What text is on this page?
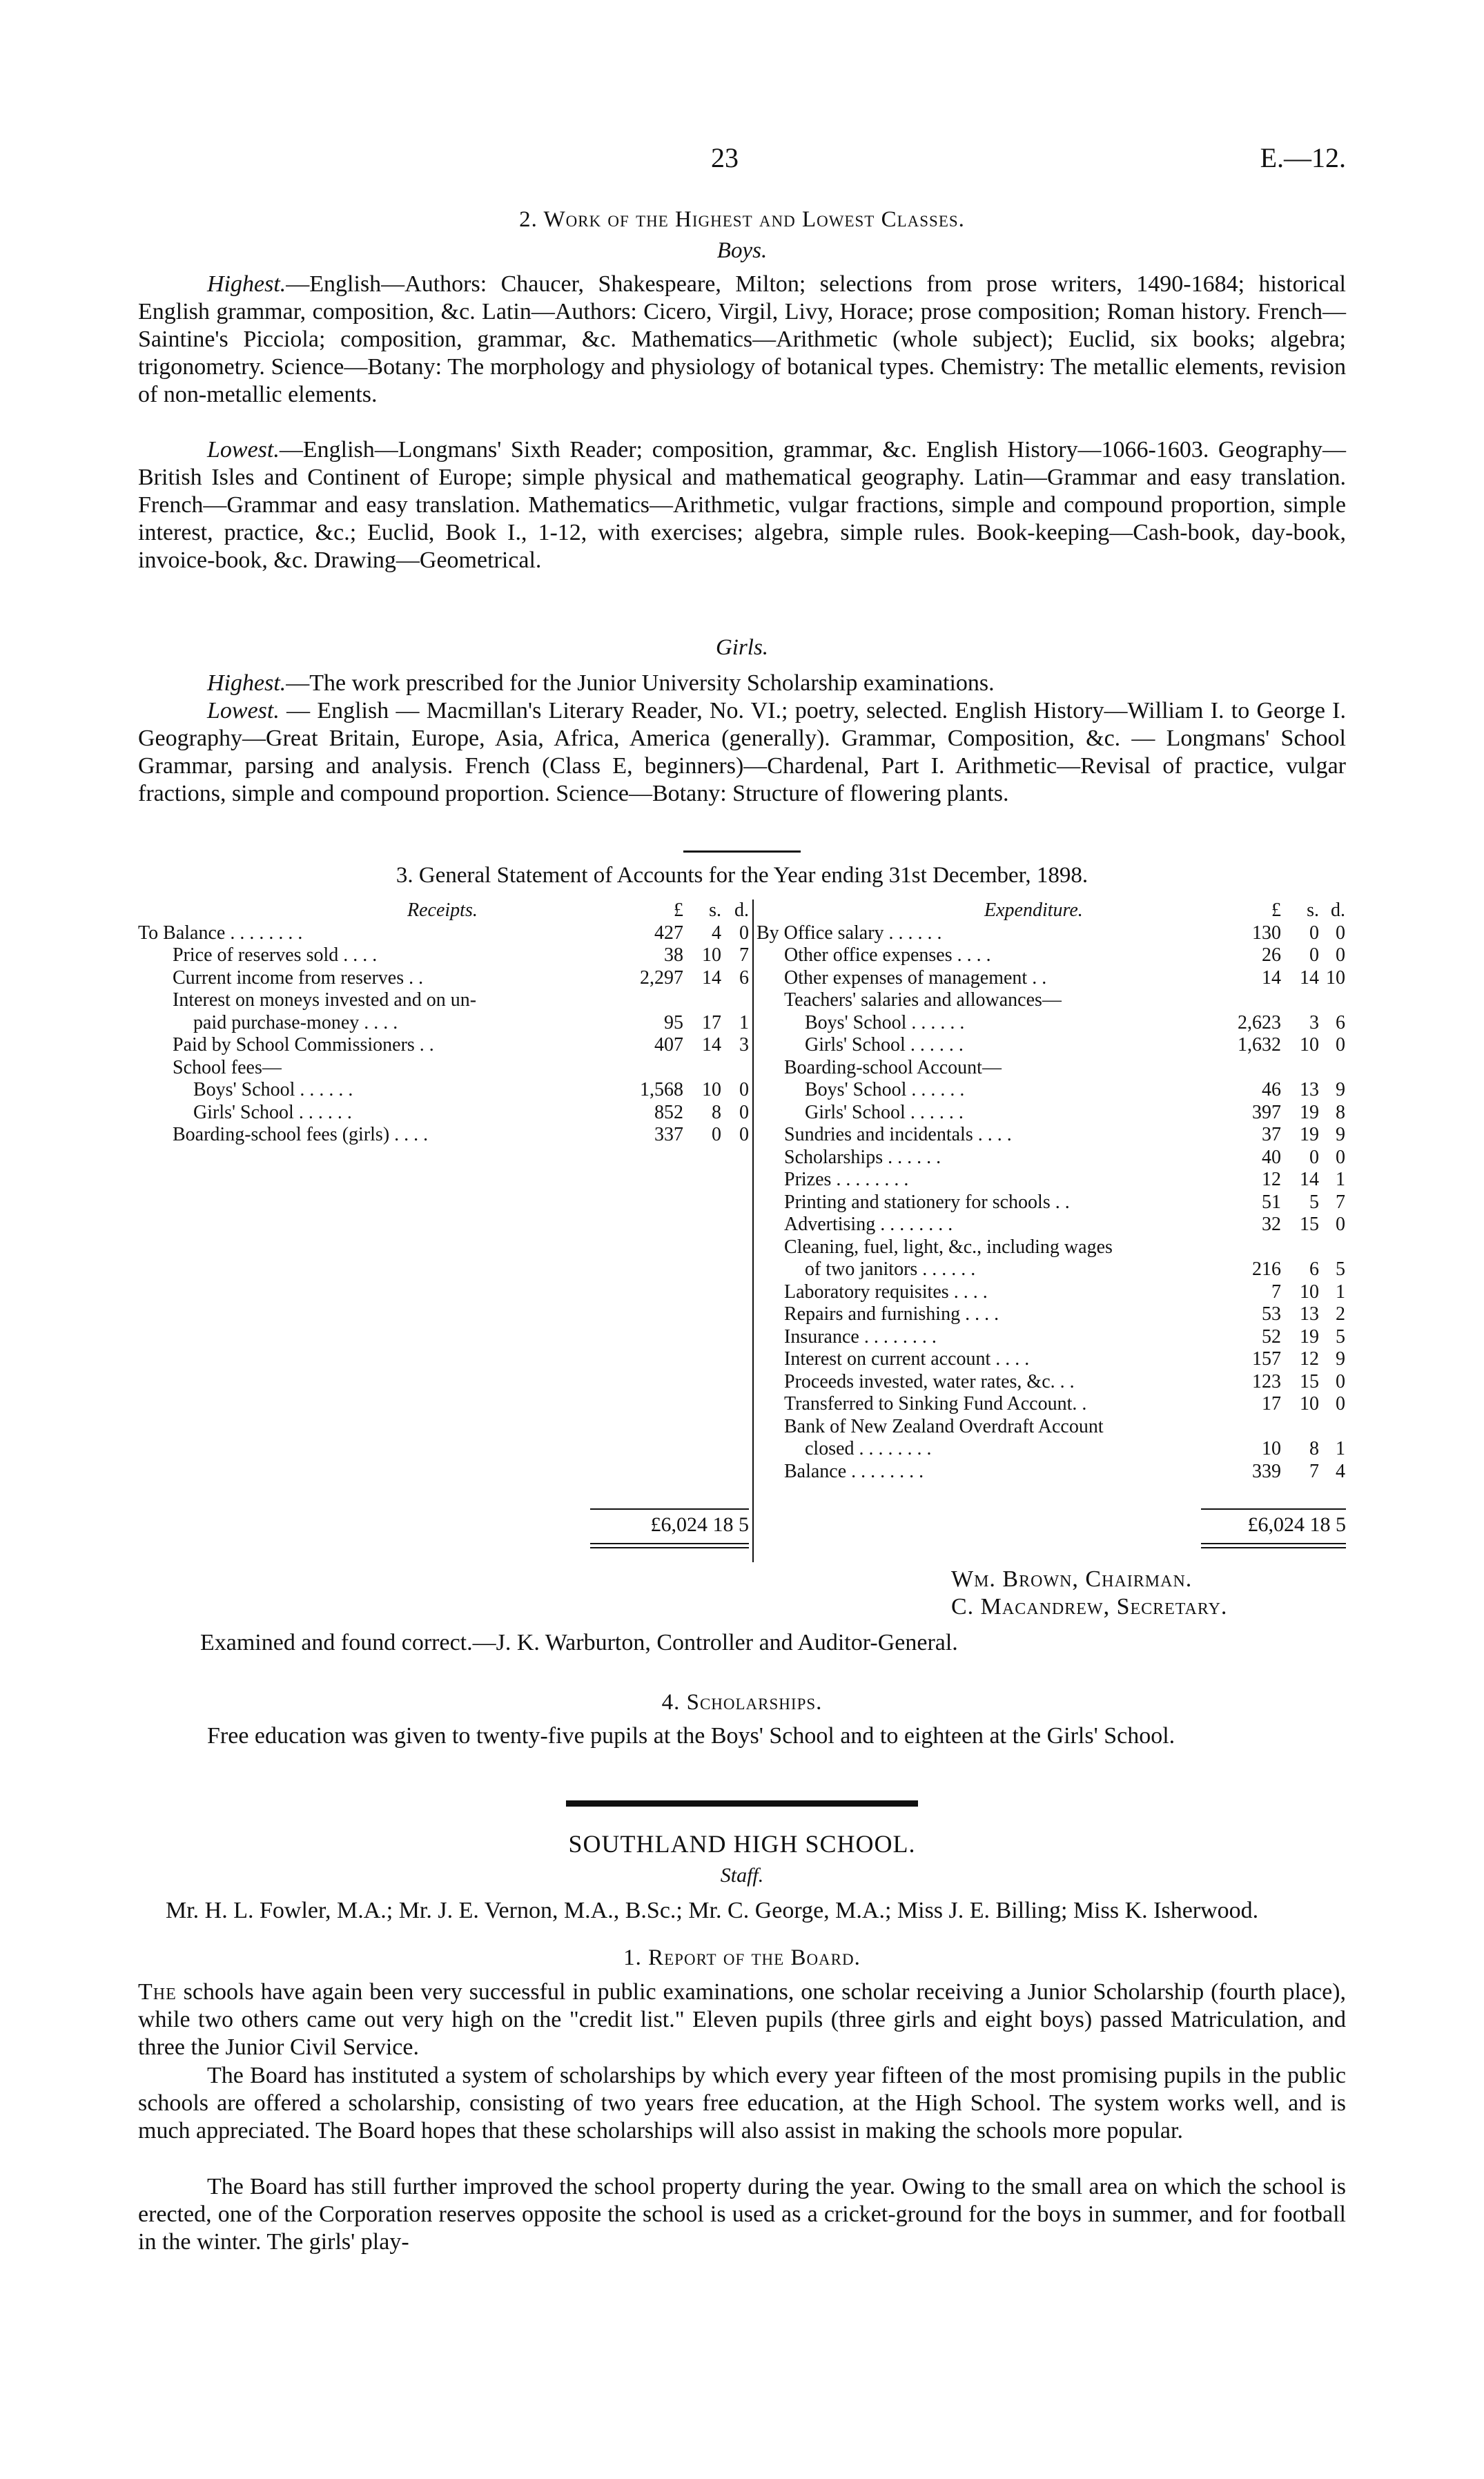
23	E.—12.
2. Work of the Highest and Lowest Classes.
Boys.

Highest.—English—Authors: Chaucer, Shakespeare, Milton; selections from prose writers, 1490-1684; historical English grammar, composition, &c. Latin—Authors: Cicero, Virgil, Livy, Horace; prose composition; Roman history. French—Saintine's Picciola; composition, grammar, &c. Mathematics—Arithmetic (whole subject); Euclid, six books; algebra; trigonometry. Science—Botany: The morphology and physiology of botanical types. Chemistry: The metallic elements, revision of non-metallic elements.

Lowest.—English—Longmans' Sixth Reader; composition, grammar, &c. English History—1066-1603. Geography—British Isles and Continent of Europe; simple physical and mathematical geography. Latin—Grammar and easy translation. French—Grammar and easy translation. Mathematics—Arithmetic, vulgar fractions, simple and compound proportion, simple interest, practice, &c.; Euclid, Book I., 1-12, with exercises; algebra, simple rules. Book-keeping—Cash-book, day-book, invoice-book, &c. Drawing—Geometrical.

Girls.

Highest.—The work prescribed for the Junior University Scholarship examinations.

Lowest. — English — Macmillan's Literary Reader, No. VI.; poetry, selected. English History—William I. to George I. Geography—Great Britain, Europe, Asia, Africa, America (generally). Grammar, Composition, &c. — Longmans' School Grammar, parsing and analysis. French (Class E, beginners)—Chardenal, Part I. Arithmetic—Revisal of practice, vulgar fractions, simple and compound proportion. Science—Botany: Structure of flowering plants.

3. General Statement of Accounts for the Year ending 31st December, 1898.
Receipts.	£	s. d.
To Balance . . . . . . . .	427	4 0
Price of reserves sold . . . .	38 10 7
Current income from reserves . .	2,297 14 6
Interest on moneys invested and on un-
paid purchase-money . . . .	95 17 1
Paid by School Commissioners . .	407 14 3
School fees—
Boys' School . . . . . .	1,568 10 0
Girls' School . . . . . .	852	8 0
Boarding-school fees (girls) . . . .	337	0 0
Expenditure.	£	s. d.
By Office salary . . . . . .	130	0 0
Other office expenses . . . .	26	0 0
Other expenses of management . .	14 14 10
Teachers' salaries and allowances—
Boys' School . . . . . .	2,623	3 6
Girls' School . . . . . .	1,632 10 0
Boarding-school Account—
Boys' School . . . . . .	46 13 9
Girls' School . . . . . .	397 19 8
Sundries and incidentals . . . .	37 19 9
Scholarships . . . . . .	40	0 0
Prizes . . . . . . . .	12 14 1
Printing and stationery for schools . .	51	5 7
Advertising . . . . . . . .	32 15 0
Cleaning, fuel, light, &c., including wages
of two janitors . . . . . .	216	6 5
Laboratory requisites . . . .	7 10 1
Repairs and furnishing . . . .	53 13 2
Insurance . . . . . . . .	52 19 5
Interest on current account . . . .	157 12 9
Proceeds invested, water rates, &c. . .	123 15 0
Transferred to Sinking Fund Account. .	17 10 0
Bank of New Zealand Overdraft Account
closed . . . . . . . .	10	8 1
Balance . . . . . . . .	339	7 4
£6,024 18 5	£6,024 18 5
Wm. Brown, Chairman.
C. Macandrew, Secretary.
Examined and found correct.—J. K. Warburton, Controller and Auditor-General.
4. Scholarships.

Free education was given to twenty-five pupils at the Boys' School and to eighteen at the Girls' School.

SOUTHLAND HIGH SCHOOL.
Staff.

Mr. H. L. Fowler, M.A.; Mr. J. E. Vernon, M.A., B.Sc.; Mr. C. George, M.A.; Miss J. E. Billing; Miss K. Isherwood.

1. Report of the Board.

The schools have again been very successful in public examinations, one scholar receiving a Junior Scholarship (fourth place), while two others came out very high on the "credit list." Eleven pupils (three girls and eight boys) passed Matriculation, and three the Junior Civil Service.

The Board has instituted a system of scholarships by which every year fifteen of the most promising pupils in the public schools are offered a scholarship, consisting of two years free education, at the High School. The system works well, and is much appreciated. The Board hopes that these scholarships will also assist in making the schools more popular.

The Board has still further improved the school property during the year. Owing to the small area on which the school is erected, one of the Corporation reserves opposite the school is used as a cricket-ground for the boys in summer, and for football in the winter. The girls' play-
